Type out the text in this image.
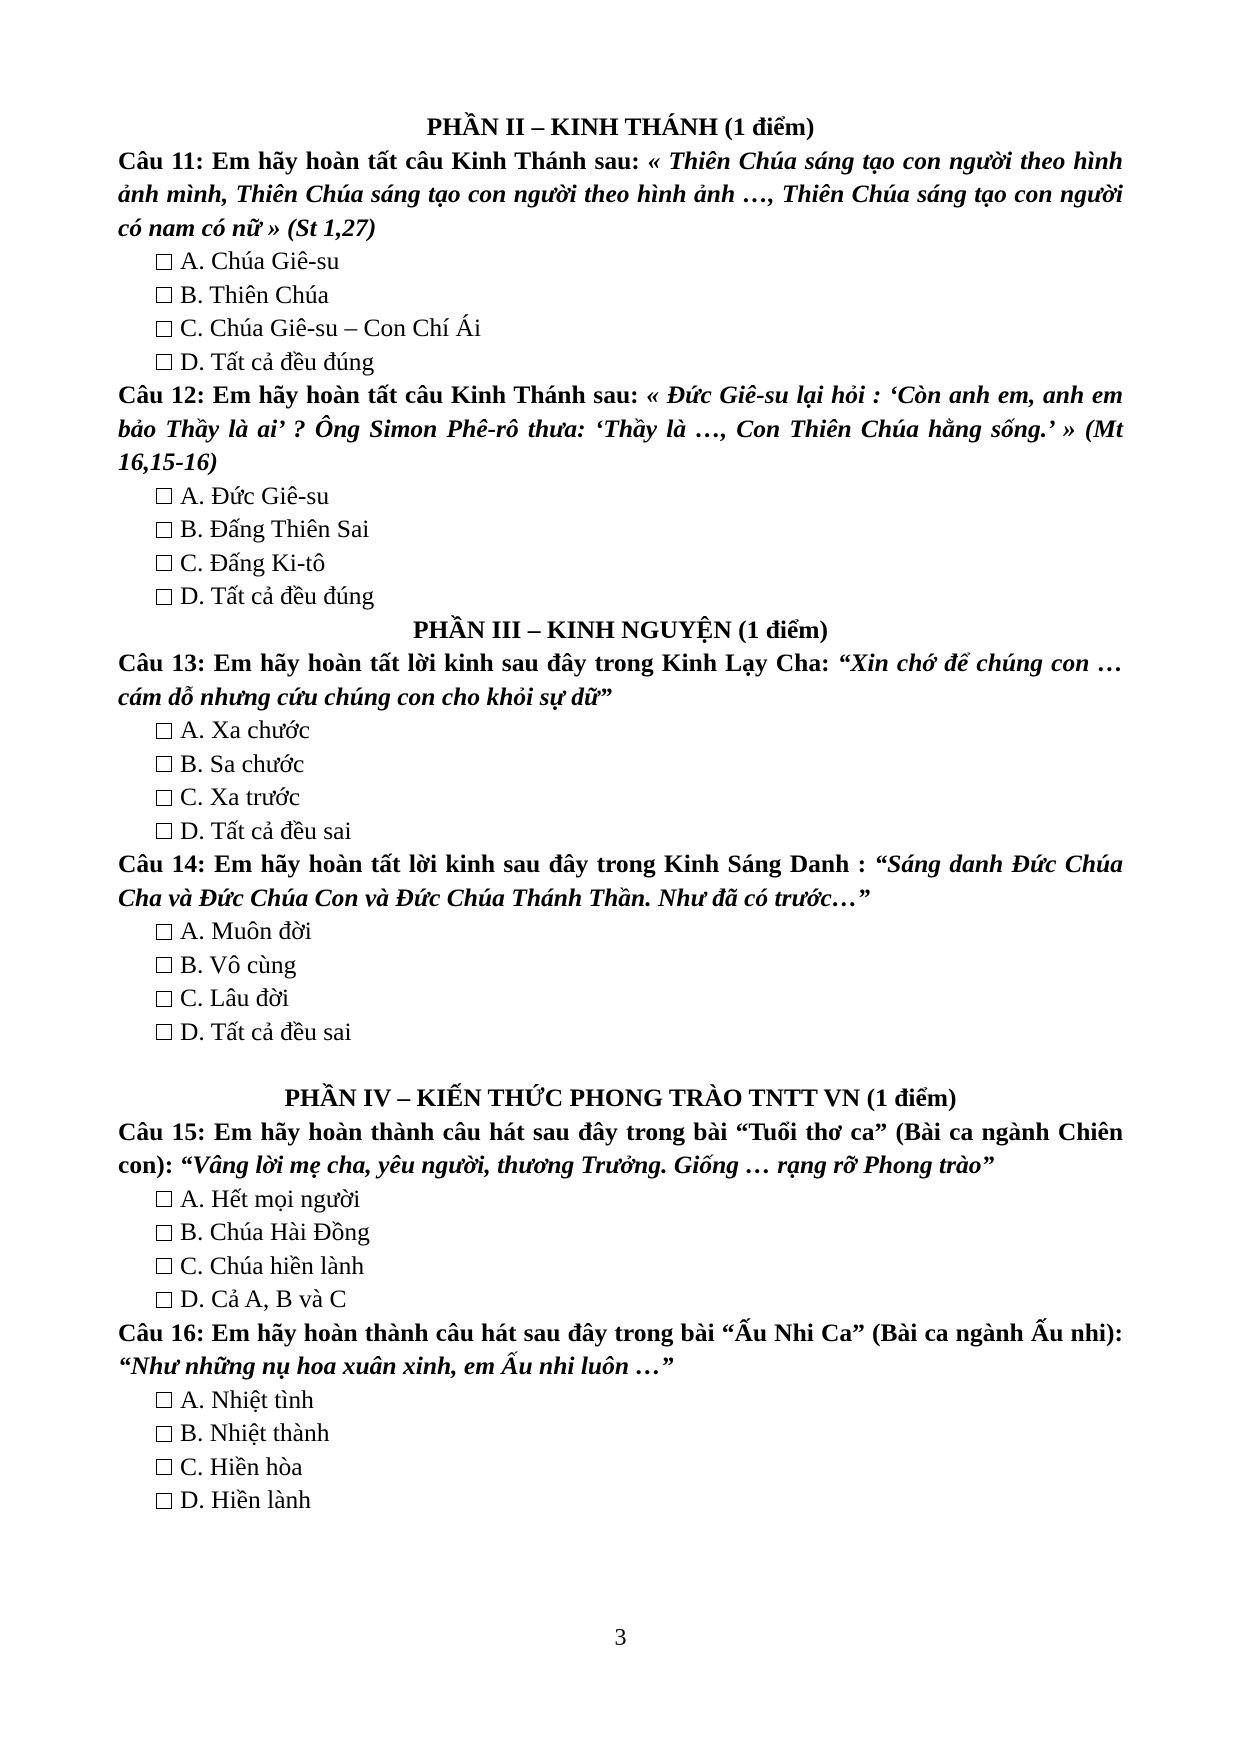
PHẦN II – KINH THÁNH (1 điểm)
Câu 11: Em hãy hoàn tất câu Kinh Thánh sau: « Thiên Chúa sáng tạo con người theo hình ảnh mình, Thiên Chúa sáng tạo con người theo hình ảnh …, Thiên Chúa sáng tạo con người có nam có nữ » (St 1,27)
A. Chúa Giê-su
B. Thiên Chúa
C. Chúa Giê-su – Con Chí Ái
D. Tất cả đều đúng
Câu 12: Em hãy hoàn tất câu Kinh Thánh sau: « Đức Giê-su lại hỏi : ‘Còn anh em, anh em bảo Thầy là ai’ ? Ông Simon Phê-rô thưa: ‘Thầy là …, Con Thiên Chúa hằng sống.’ » (Mt 16,15-16)
A. Đức Giê-su
B. Đấng Thiên Sai
C. Đấng Ki-tô
D. Tất cả đều đúng
PHẦN III – KINH NGUYỆN (1 điểm)
Câu 13: Em hãy hoàn tất lời kinh sau đây trong Kinh Lạy Cha: “Xin chớ để chúng con … cám dỗ nhưng cứu chúng con cho khỏi sự dữ”
A. Xa chước
B. Sa chước
C. Xa trước
D. Tất cả đều sai
Câu 14: Em hãy hoàn tất lời kinh sau đây trong Kinh Sáng Danh : “Sáng danh Đức Chúa Cha và Đức Chúa Con và Đức Chúa Thánh Thần. Như đã có trước…”
A. Muôn đời
B. Vô cùng
C. Lâu đời
D. Tất cả đều sai
PHẦN IV – KIẾN THỨC PHONG TRÀO TNTT VN (1 điểm)
Câu 15: Em hãy hoàn thành câu hát sau đây trong bài “Tuổi thơ ca” (Bài ca ngành Chiên con): “Vâng lời mẹ cha, yêu người, thương Trưởng. Giống … rạng rỡ Phong trào”
A. Hết mọi người
B. Chúa Hài Đồng
C. Chúa hiền lành
D. Cả A, B và C
Câu 16: Em hãy hoàn thành câu hát sau đây trong bài “Ấu Nhi Ca” (Bài ca ngành Ấu nhi): “Như những nụ hoa xuân xinh, em Ấu nhi luôn …”
A. Nhiệt tình
B. Nhiệt thành
C. Hiền hòa
D. Hiền lành
3
